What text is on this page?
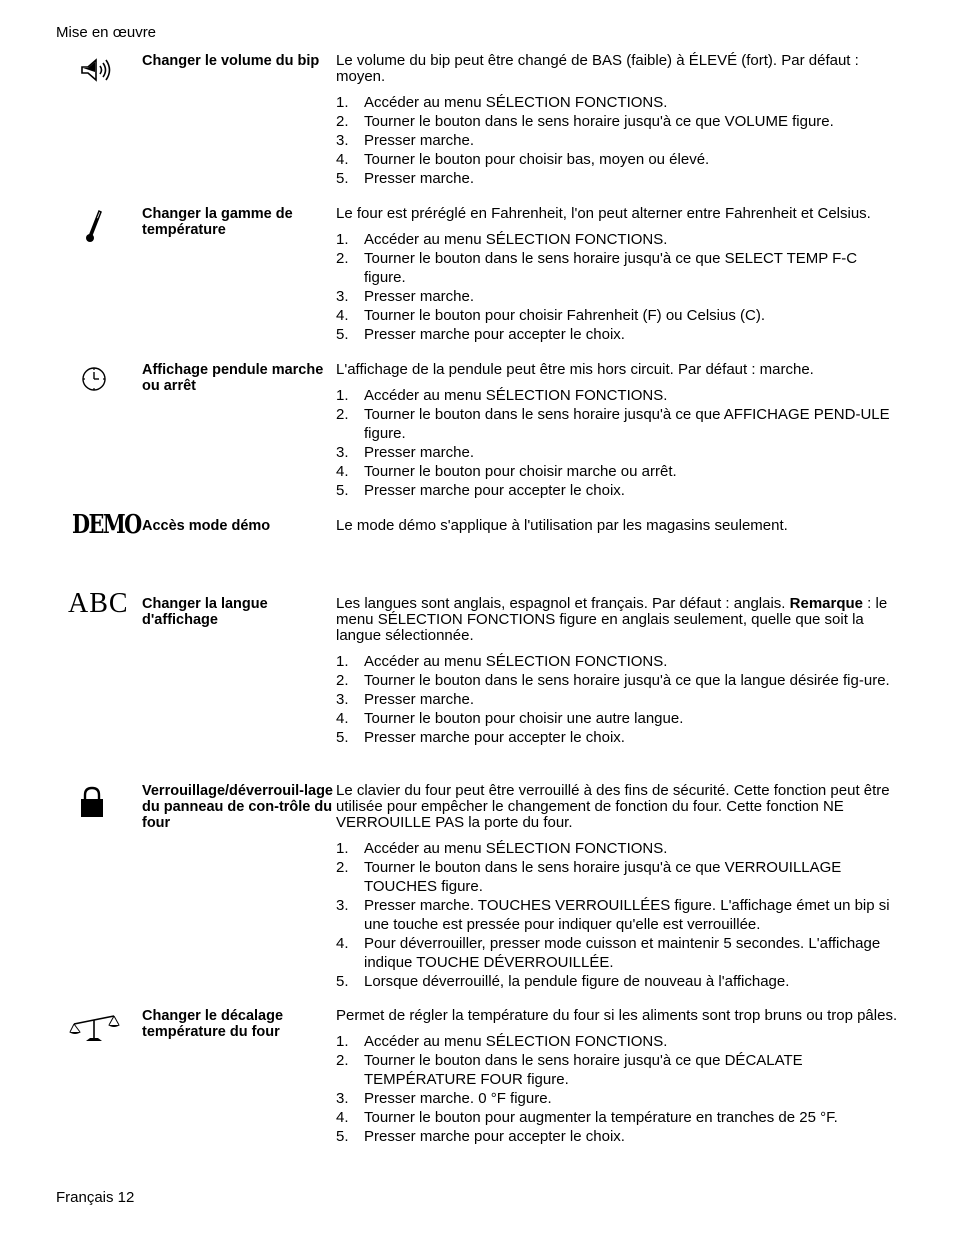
Mise en œuvre
Changer le volume du bip	Le volume du bip peut être changé de BAS (faible) à ÉLEVÉ (fort). Par défaut : moyen.

1. Accéder au menu SÉLECTION FONCTIONS.
2. Tourner le bouton dans le sens horaire jusqu'à ce que VOLUME figure.
3. Presser marche.
4. Tourner le bouton pour choisir bas, moyen ou élevé.
5. Presser marche.
Changer la gamme de température

Le four est préréglé en Fahrenheit, l'on peut alterner entre Fahrenheit et Celsius.

1. Accéder au menu SÉLECTION FONCTIONS.
2. Tourner le bouton dans le sens horaire jusqu'à ce que SELECT TEMP F-C figure.
3. Presser marche.
4. Tourner le bouton pour choisir Fahrenheit (F) ou Celsius (C).
5. Presser marche pour accepter le choix.
Affichage pendule marche ou arrêt

L'affichage de la pendule peut être mis hors circuit. Par défaut : marche.

1. Accéder au menu SÉLECTION FONCTIONS.
2. Tourner le bouton dans le sens horaire jusqu'à ce que AFFICHAGE PEND-ULE figure.
3. Presser marche.
4. Tourner le bouton pour choisir marche ou arrêt.
5. Presser marche pour accepter le choix.
DEMO Accès mode démo	Le mode démo s'applique à l'utilisation par les magasins seulement.

ABC Changer la langue d'affichage

Les langues sont anglais, espagnol et français. Par défaut : anglais. Remarque : le menu SÉLECTION FONCTIONS figure en anglais seulement, quelle que soit la langue sélectionnée.

1. Accéder au menu SÉLECTION FONCTIONS.
2. Tourner le bouton dans le sens horaire jusqu'à ce que la langue désirée fig-ure.
3. Presser marche.
4. Tourner le bouton pour choisir une autre langue.
5. Presser marche pour accepter le choix.
Verrouillage/déverrouil-lage du panneau de con-trôle du four

Le clavier du four peut être verrouillé à des fins de sécurité. Cette fonction peut être utilisée pour empêcher le changement de fonction du four. Cette fonction NE VERROUILLE PAS la porte du four.

1. Accéder au menu SÉLECTION FONCTIONS.
2. Tourner le bouton dans le sens horaire jusqu'à ce que VERROUILLAGE TOUCHES figure.
3. Presser marche. TOUCHES VERROUILLÉES figure. L'affichage émet un bip si une touche est pressée pour indiquer qu'elle est verrouillée.
4. Pour déverrouiller, presser mode cuisson et maintenir 5 secondes. L'affichage indique TOUCHE DÉVERROUILLÉE.
5. Lorsque déverrouillé, la pendule figure de nouveau à l'affichage.
Changer le décalage température du four

Permet de régler la température du four si les aliments sont trop bruns ou trop pâles.

1. Accéder au menu SÉLECTION FONCTIONS.
2. Tourner le bouton dans le sens horaire jusqu'à ce que DÉCALATE TEMPÉRATURE FOUR figure.
3. Presser marche. 0 °F figure.
4. Tourner le bouton pour augmenter la température en tranches de 25 °F.
5. Presser marche pour accepter le choix.
Français 12
